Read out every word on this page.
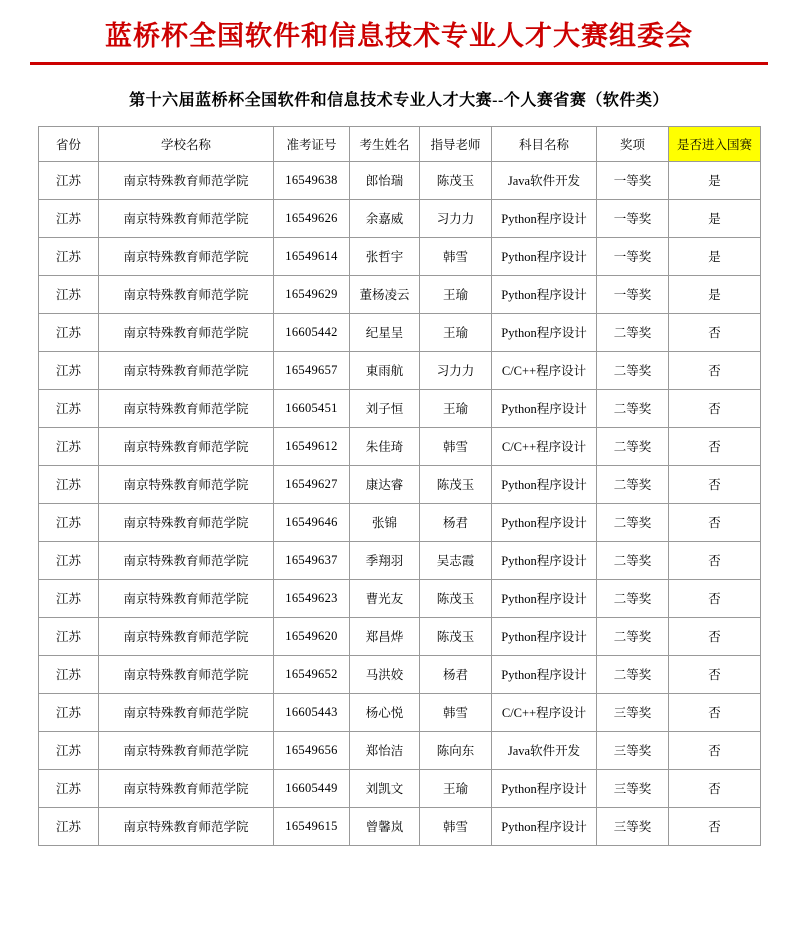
蓝桥杯全国软件和信息技术专业人才大赛组委会
第十六届蓝桥杯全国软件和信息技术专业人才大赛--个人赛省赛（软件类）
省份	学校名称	准考证号	考生姓名	指导老师	科目名称	奖项	是否进入国赛
江苏	南京特殊教育师范学院	16549638	郎怡瑞	陈茂玉	Java软件开发	一等奖	是
江苏	南京特殊教育师范学院	16549626	余嘉威	习力力	Python程序设计	一等奖	是
江苏	南京特殊教育师范学院	16549614	张哲宇	韩雪	Python程序设计	一等奖	是
江苏	南京特殊教育师范学院	16549629	董杨凌云	王瑜	Python程序设计	一等奖	是
江苏	南京特殊教育师范学院	16605442	纪星呈	王瑜	Python程序设计	二等奖	否
江苏	南京特殊教育师范学院	16549657	東雨航	习力力	C/C++程序设计	二等奖	否
江苏	南京特殊教育师范学院	16605451	刘子恒	王瑜	Python程序设计	二等奖	否
江苏	南京特殊教育师范学院	16549612	朱佳琦	韩雪	C/C++程序设计	二等奖	否
江苏	南京特殊教育师范学院	16549627	康达睿	陈茂玉	Python程序设计	二等奖	否
江苏	南京特殊教育师范学院	16549646	张锦	杨君	Python程序设计	二等奖	否
江苏	南京特殊教育师范学院	16549637	季翔羽	吴志霞	Python程序设计	二等奖	否
江苏	南京特殊教育师范学院	16549623	曹光友	陈茂玉	Python程序设计	二等奖	否
江苏	南京特殊教育师范学院	16549620	郑昌烨	陈茂玉	Python程序设计	二等奖	否
江苏	南京特殊教育师范学院	16549652	马洪姣	杨君	Python程序设计	二等奖	否
江苏	南京特殊教育师范学院	16605443	杨心悦	韩雪	C/C++程序设计	三等奖	否
江苏	南京特殊教育师范学院	16549656	郑怡洁	陈向东	Java软件开发	三等奖	否
江苏	南京特殊教育师范学院	16605449	刘凯文	王瑜	Python程序设计	三等奖	否
江苏	南京特殊教育师范学院	16549615	曾馨岚	韩雪	Python程序设计	三等奖	否
